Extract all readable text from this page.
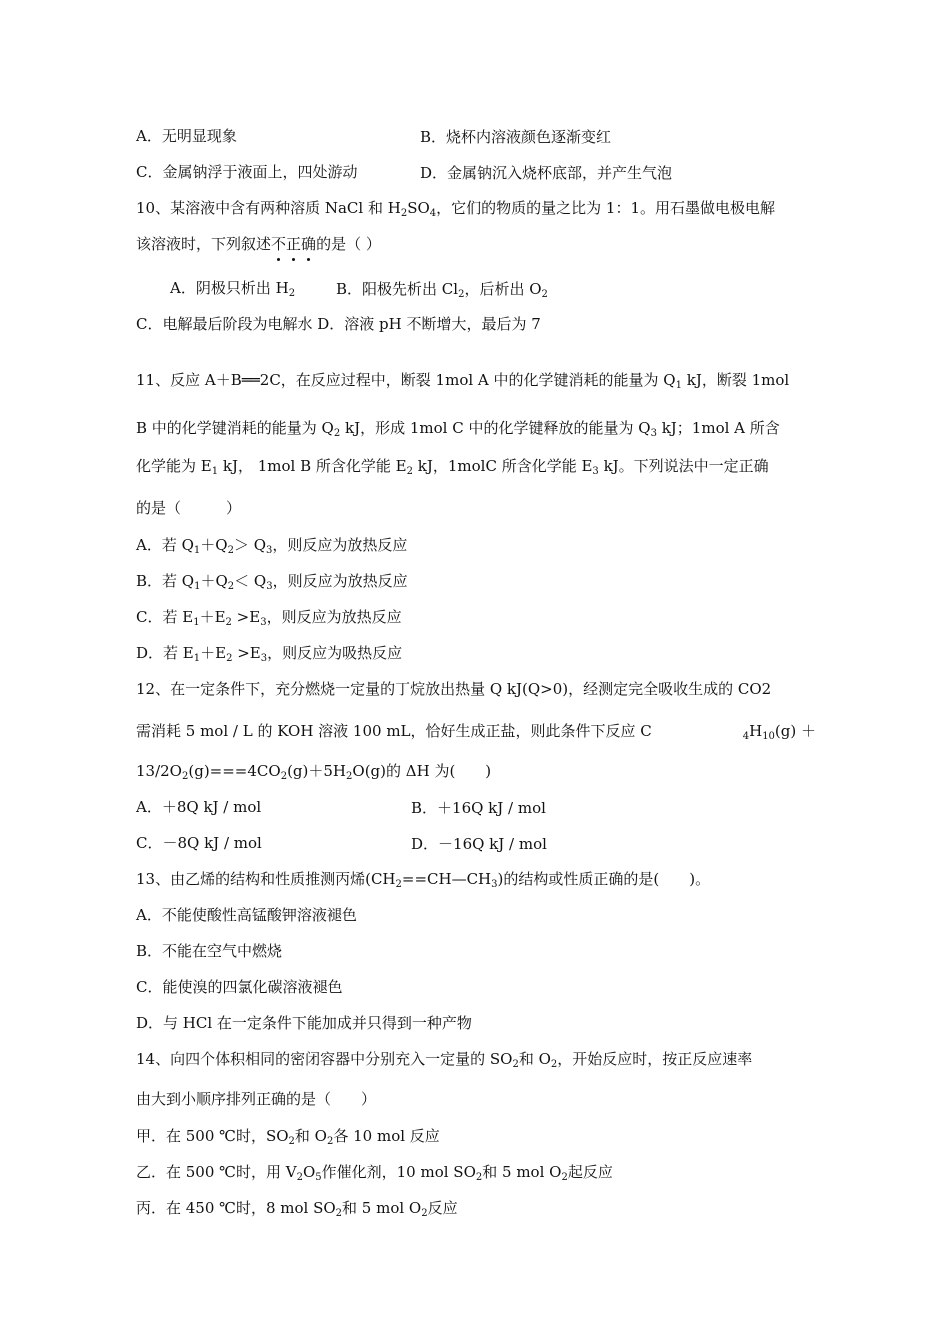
A．无明显现象	B．烧杯内溶液颜色逐渐变红
C．金属钠浮于液面上，四处游动	D．金属钠沉入烧杯底部，并产生气泡
10、某溶液中含有两种溶质 NaCl 和 $H_2SO_4$，它们的物质的量之比为 1：1。用石墨做电极电解
该溶液时，下列叙述不正确的是（ ）
A．阴极只析出 $H_2$	B．阳极先析出 $Cl_2$，后析出 $O_2$
C．电解最后阶段为电解水 D．溶液 pH 不断增大，最后为 7
11、反应 A＋B══2C，在反应过程中，断裂 1mol A 中的化学键消耗的能量为 $Q_1$ kJ，断裂 1mol
B 中的化学键消耗的能量为 $Q_2$ kJ，形成 1mol C 中的化学键释放的能量为 $Q_3$ kJ；1mol A 所含
化学能为 $E_1$ kJ， 1mol B 所含化学能 $E_2$ kJ，1molC 所含化学能 $E_3$ kJ。下列说法中一定正确
的是（　　　）
A．若 $Q_1+Q_2> Q_3$，则反应为放热反应
B．若 $Q_1+Q_2< Q_3$，则反应为放热反应
C．若 $E_1+E_2 >E_3$，则反应为放热反应
D．若 $E_1+E_2 >E_3$，则反应为吸热反应
12、在一定条件下，充分燃烧一定量的丁烷放出热量 Q kJ(Q>0)，经测定完全吸收生成的 CO2
需消耗 5 mol / L 的 KOH 溶液 100 mL，恰好生成正盐，则此条件下反应 C	$_4H_{10}(g)$ ＋
$13/2O_2(g)===4CO_2(g)+5H_2O(g)$的 ΔH 为(　　)
A．＋8Q kJ / mol	B．＋16Q kJ / mol
C．－8Q kJ / mol	D．－16Q kJ / mol
13、由乙烯的结构和性质推测丙烯$(CH_2==CH—CH_3)$的结构或性质正确的是(　　)。
A．不能使酸性高锰酸钾溶液褪色
B．不能在空气中燃烧
C．能使溴的四氯化碳溶液褪色
D．与 HCl 在一定条件下能加成并只得到一种产物
14、向四个体积相同的密闭容器中分别充入一定量的 $SO_2$和 $O_2$，开始反应时，按正反应速率
由大到小顺序排列正确的是（　　）
甲．在 500 ℃时，$SO_2$和 $O_2$各 10 mol 反应
乙．在 500 ℃时，用 $V_2O_5$作催化剂，10 mol $SO_2$和 5 mol $O_2$起反应
丙．在 450 ℃时，8 mol $SO_2$和 5 mol $O_2$反应
